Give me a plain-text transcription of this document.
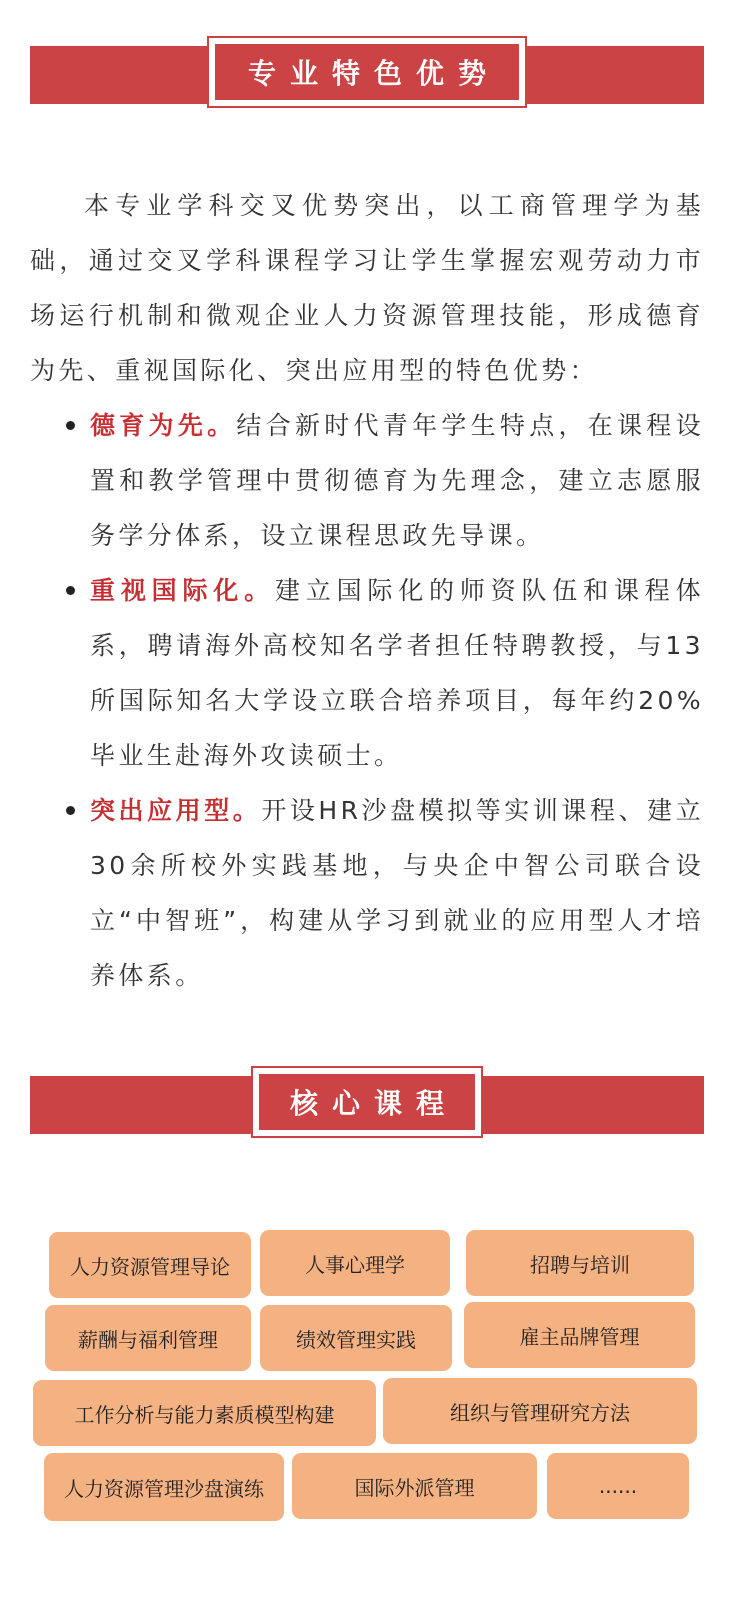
专业特色优势

本专业学科交叉优势突出，以工商管理学为基础，通过交叉学科课程学习让学生掌握宏观劳动力市场运行机制和微观企业人力资源管理技能，形成德育为先、重视国际化、突出应用型的特色优势：

德育为先。结合新时代青年学生特点，在课程设置和教学管理中贯彻德育为先理念，建立志愿服务学分体系，设立课程思政先导课。
重视国际化。建立国际化的师资队伍和课程体系，聘请海外高校知名学者担任特聘教授，与13所国际知名大学设立联合培养项目，每年约20%毕业生赴海外攻读硕士。
突出应用型。开设HR沙盘模拟等实训课程、建立30余所校外实践基地，与央企中智公司联合设立“中智班”，构建从学习到就业的应用型人才培养体系。
核心课程
人力资源管理导论	人事心理学	招聘与培训
薪酬与福利管理	绩效管理实践	雇主品牌管理
工作分析与能力素质模型构建	组织与管理研究方法
人力资源管理沙盘演练	国际外派管理	......
